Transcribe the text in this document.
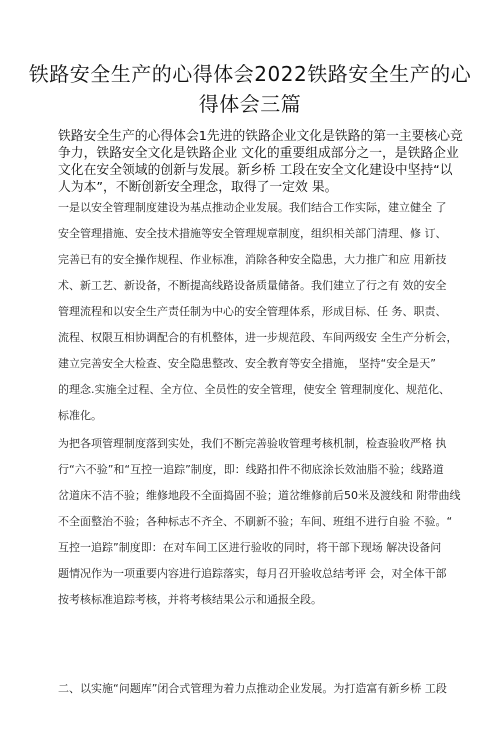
铁路安全生产的心得体会2022铁路安全生产的心
得体会三篇
铁路安全生产的心得体会1先进的铁路企业文化是铁路的第一主要核心竞
争力，铁路安全文化是铁路企业 文化的重要组成部分之一，是铁路企业
文化在安全领域的创新与发展。新乡桥 工段在安全文化建设中坚持“以
人为本”，不断创新安全理念，取得了一定效 果。
一是以安全管理制度建设为基点推动企业发展。我们结合工作实际，建立健全 了
安全管理措施、安全技术措施等安全管理规章制度，组织相关部门清理、修 订、
完善已有的安全操作规程、作业标准，消除各种安全隐患，大力推广和应 用新技
术、新工艺、新设备，不断提高线路设备质量储备。我们建立了行之有 效的安全
管理流程和以安全生产责任制为中心的安全管理体系，形成目标、任 务、职责、
流程、权限互相协调配合的有机整体，进一步规范段、车间两级安 全生产分析会，
建立完善安全大检查、安全隐患整改、安全教育等安全措施， 坚持“安全是天”
的理念.实施全过程、全方位、全员性的安全管理，使安全 管理制度化、规范化、
标准化。
为把各项管理制度落到实处，我们不断完善验收管理考核机制，检查验收严格 执
行“六不验”和“互控一追踪”制度，即：线路扣件不彻底涂长效油脂不验；线路道
岔道床不洁不验；维修地段不全面捣固不验；道岔维修前后50米及渡线和 附带曲线
不全面整治不验；各种标志不齐全、不刷新不验；车间、班组不进行自验 不验。“
互控一追踪”制度即：在对车间工区进行验收的同时，将干部下现场 解决设备问
题情况作为一项重要内容进行追踪落实，每月召开验收总结考评 会，对全体干部
按考核标准追踪考核，并将考核结果公示和通报全段。
二、以实施“问题库”闭合式管理为着力点推动企业发展。为打造富有新乡桥 工段
